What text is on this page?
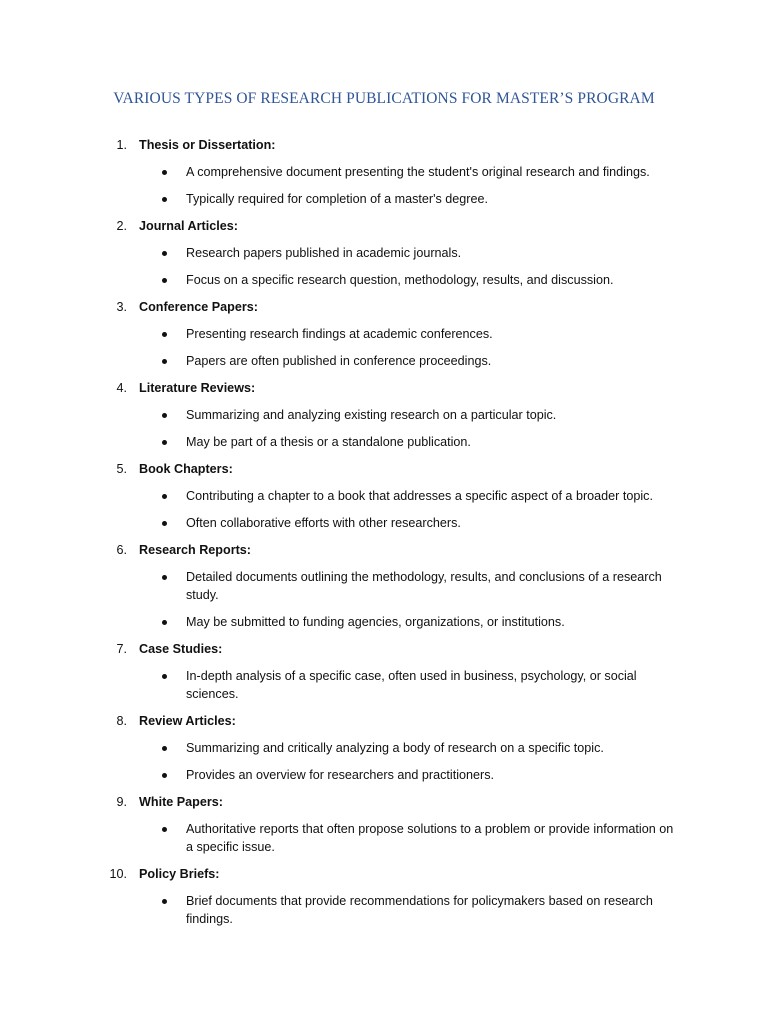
VARIOUS TYPES OF RESEARCH PUBLICATIONS FOR MASTER’S PROGRAM
1. Thesis or Dissertation:
A comprehensive document presenting the student's original research and findings.
Typically required for completion of a master's degree.
2. Journal Articles:
Research papers published in academic journals.
Focus on a specific research question, methodology, results, and discussion.
3. Conference Papers:
Presenting research findings at academic conferences.
Papers are often published in conference proceedings.
4. Literature Reviews:
Summarizing and analyzing existing research on a particular topic.
May be part of a thesis or a standalone publication.
5. Book Chapters:
Contributing a chapter to a book that addresses a specific aspect of a broader topic.
Often collaborative efforts with other researchers.
6. Research Reports:
Detailed documents outlining the methodology, results, and conclusions of a research study.
May be submitted to funding agencies, organizations, or institutions.
7. Case Studies:
In-depth analysis of a specific case, often used in business, psychology, or social sciences.
8. Review Articles:
Summarizing and critically analyzing a body of research on a specific topic.
Provides an overview for researchers and practitioners.
9. White Papers:
Authoritative reports that often propose solutions to a problem or provide information on a specific issue.
10. Policy Briefs:
Brief documents that provide recommendations for policymakers based on research findings.
